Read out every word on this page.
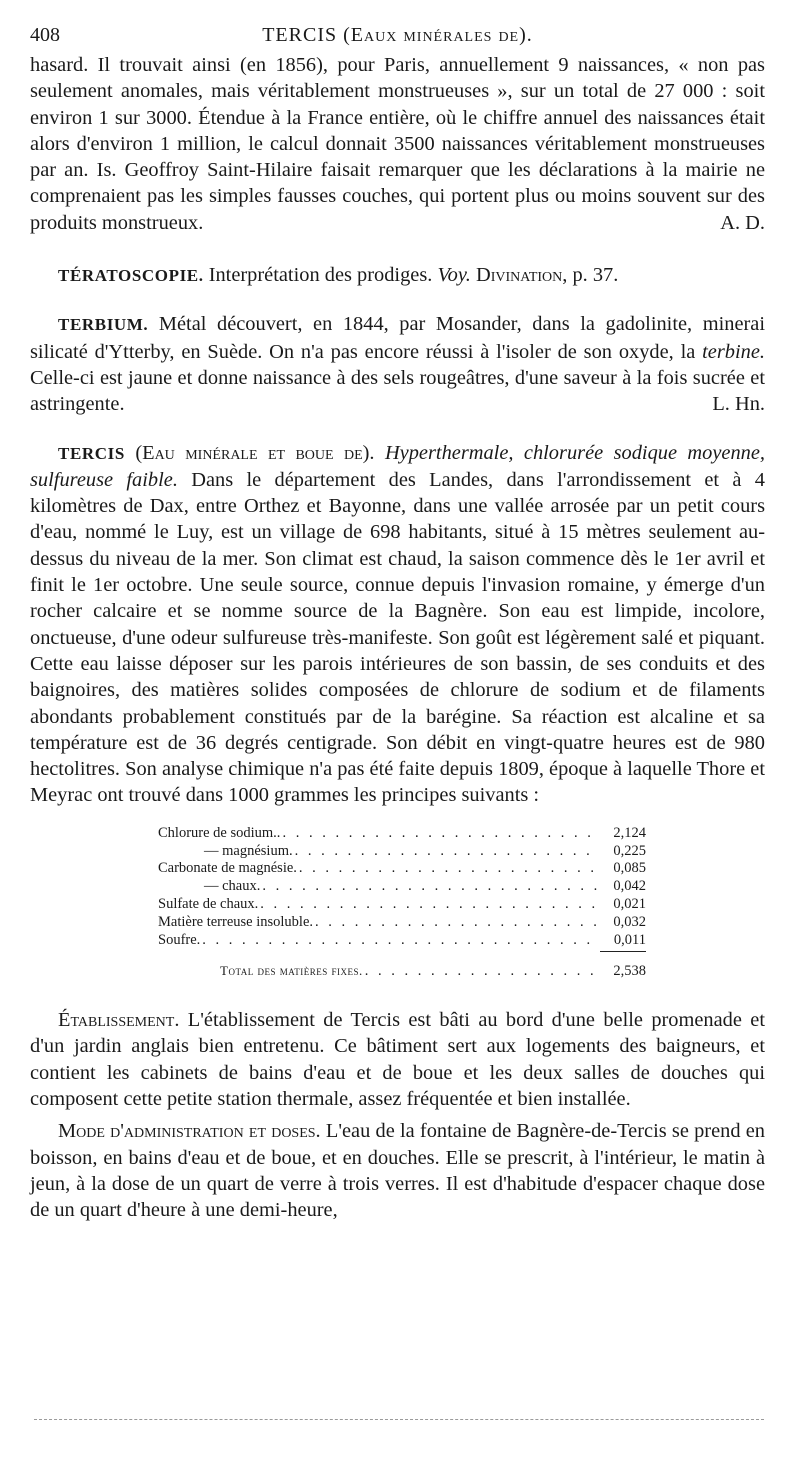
408	TERCIS (Eaux minérales de).

hasard. Il trouvait ainsi (en 1856), pour Paris, annuellement 9 naissances, « non pas seulement anomales, mais véritablement monstrueuses », sur un total de 27 000 : soit environ 1 sur 3000. Étendue à la France entière, où le chiffre annuel des naissances était alors d'environ 1 million, le calcul donnait 3500 naissances véritablement monstrueuses par an. Is. Geoffroy Saint-Hilaire faisait remarquer que les déclarations à la mairie ne comprenaient pas les simples fausses couches, qui portent plus ou moins souvent sur des produits monstrueux.	A. D.

TÉRATOSCOPIE. Interprétation des prodiges. Voy. Divination, p. 37.

TERBIUM. Métal découvert, en 1844, par Mosander, dans la gadolinite, minerai silicaté d'Ytterby, en Suède. On n'a pas encore réussi à l'isoler de son oxyde, la terbine. Celle-ci est jaune et donne naissance à des sels rougeâtres, d'une saveur à la fois sucrée et astringente.	L. Hn.

TERCIS (Eau minérale et boue de). Hyperthermale, chlorurée sodique moyenne, sulfureuse faible. Dans le département des Landes, dans l'arrondissement et à 4 kilomètres de Dax, entre Orthez et Bayonne, dans une vallée arrosée par un petit cours d'eau, nommé le Luy, est un village de 698 habitants, situé à 15 mètres seulement au-dessus du niveau de la mer. Son climat est chaud, la saison commence dès le 1er avril et finit le 1er octobre. Une seule source, connue depuis l'invasion romaine, y émerge d'un rocher calcaire et se nomme source de la Bagnère. Son eau est limpide, incolore, onctueuse, d'une odeur sulfureuse très-manifeste. Son goût est légèrement salé et piquant. Cette eau laisse déposer sur les parois intérieures de son bassin, de ses conduits et des baignoires, des matières solides composées de chlorure de sodium et de filaments abondants probablement constitués par de la barégine. Sa réaction est alcaline et sa température est de 36 degrés centigrade. Son débit en vingt-quatre heures est de 980 hectolitres. Son analyse chimique n'a pas été faite depuis 1809, époque à laquelle Thore et Meyrac ont trouvé dans 1000 grammes les principes suivants :

Chlorure de sodium.. . . .	2,124
— magnésium. . . .	0,225
Carbonate de magnésie. . . .	0,085
— chaux. . . .	0,042
Sulfate de chaux. . . .	0,021
Matière terreuse insoluble. . . .	0,032
Soufre. . . .	0,011
Total des matières fixes. . . .	2,538

Établissement. L'établissement de Tercis est bâti au bord d'une belle promenade et d'un jardin anglais bien entretenu. Ce bâtiment sert aux logements des baigneurs, et contient les cabinets de bains d'eau et de boue et les deux salles de douches qui composent cette petite station thermale, assez fréquentée et bien installée.

Mode d'administration et doses. L'eau de la fontaine de Bagnère-de-Tercis se prend en boisson, en bains d'eau et de boue, et en douches. Elle se prescrit, à l'intérieur, le matin à jeun, à la dose de un quart de verre à trois verres. Il est d'habitude d'espacer chaque dose de un quart d'heure à une demi-heure,
